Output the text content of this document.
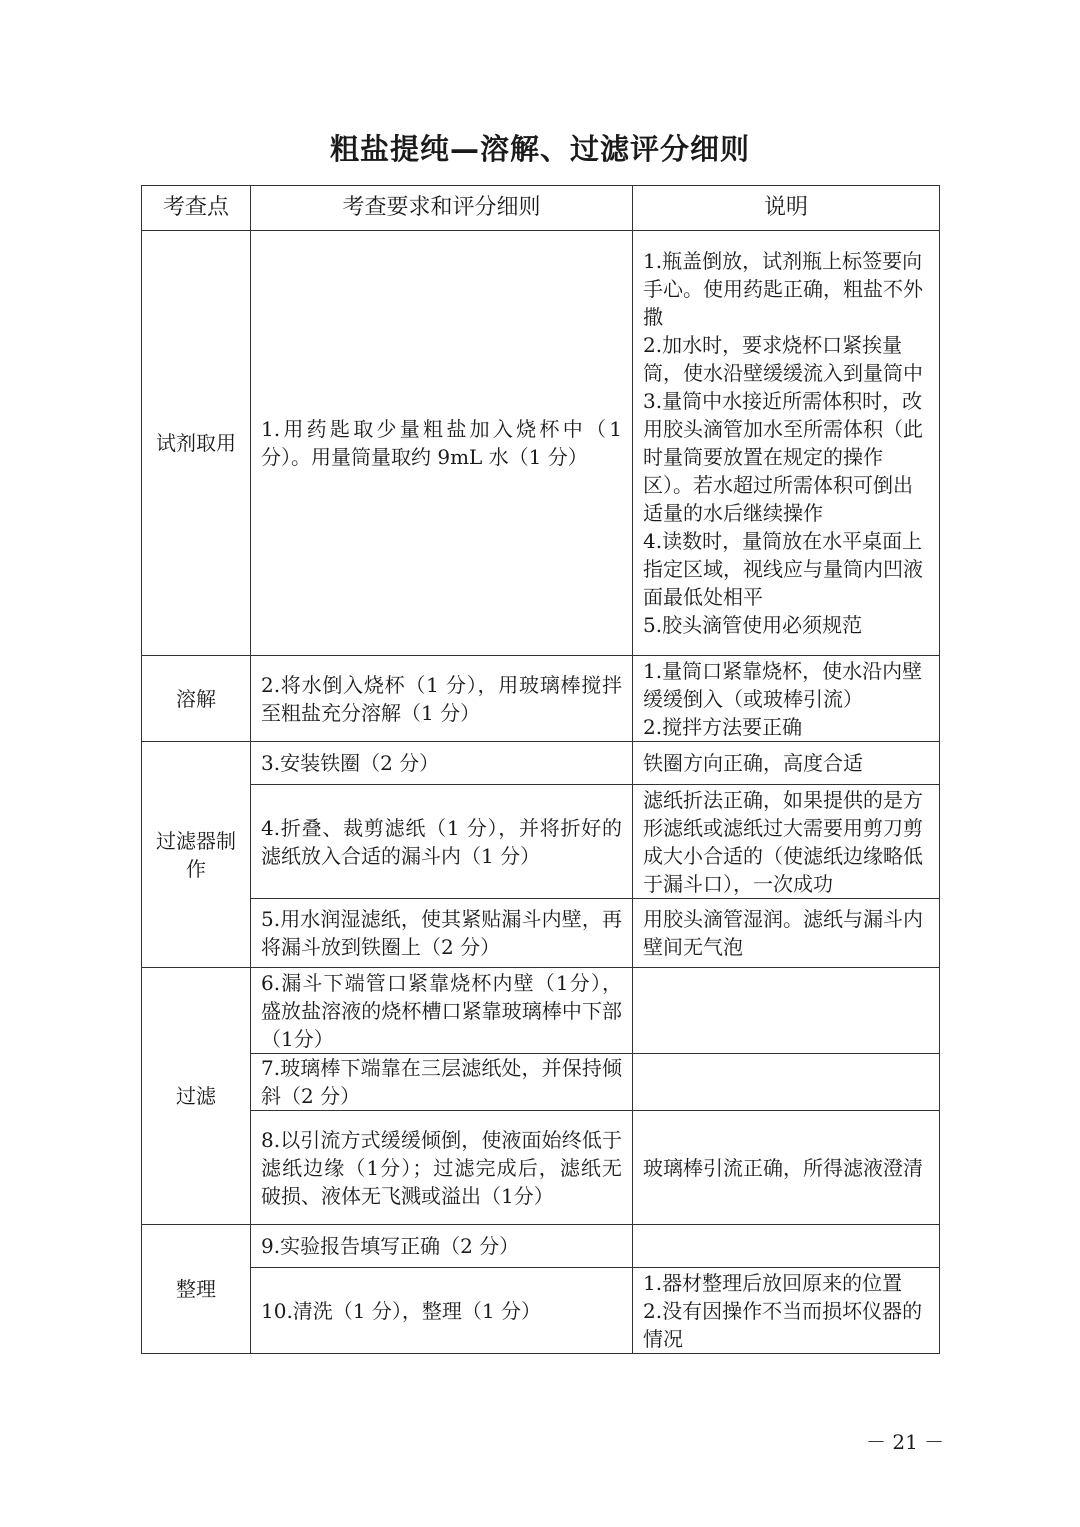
粗盐提纯—溶解、过滤评分细则
考查点	考查要求和评分细则	说明
试剂取用	1.用药匙取少量粗盐加入烧杯中（1分）。用量筒量取约 9mL 水（1 分）	1.瓶盖倒放，试剂瓶上标签要向手心。使用药匙正确，粗盐不外撒
2.加水时，要求烧杯口紧挨量筒，使水沿壁缓缓流入到量筒中
3.量筒中水接近所需体积时，改用胶头滴管加水至所需体积（此时量筒要放置在规定的操作区）。若水超过所需体积可倒出适量的水后继续操作
4.读数时，量筒放在水平桌面上指定区域，视线应与量筒内凹液面最低处相平
5.胶头滴管使用必须规范

溶解	2.将水倒入烧杯（1 分），用玻璃棒搅拌至粗盐充分溶解（1 分）	1.量筒口紧靠烧杯，使水沿内壁缓缓倒入（或玻棒引流）
2.搅拌方法要正确

过滤器制作	3.安装铁圈（2 分）	铁圈方向正确，高度合适
	4.折叠、裁剪滤纸（1 分），并将折好的滤纸放入合适的漏斗内（1 分）	滤纸折法正确，如果提供的是方形滤纸或滤纸过大需要用剪刀剪成大小合适的（使滤纸边缘略低于漏斗口），一次成功
	5.用水润湿滤纸，使其紧贴漏斗内壁，再将漏斗放到铁圈上（2 分）	用胶头滴管湿润。滤纸与漏斗内壁间无气泡
过滤	6.漏斗下端管口紧靠烧杯内壁（1分），盛放盐溶液的烧杯槽口紧靠玻璃棒中下部（1分）	
	7.玻璃棒下端靠在三层滤纸处，并保持倾斜（2 分）	
	8.以引流方式缓缓倾倒，使液面始终低于滤纸边缘（1分）；过滤完成后，滤纸无破损、液体无飞溅或溢出（1分）	玻璃棒引流正确，所得滤液澄清
整理	9.实验报告填写正确（2 分）	
	10.清洗（1 分），整理（1 分）	1.器材整理后放回原来的位置
2.没有因操作不当而损坏仪器的情况
－ 21 －
